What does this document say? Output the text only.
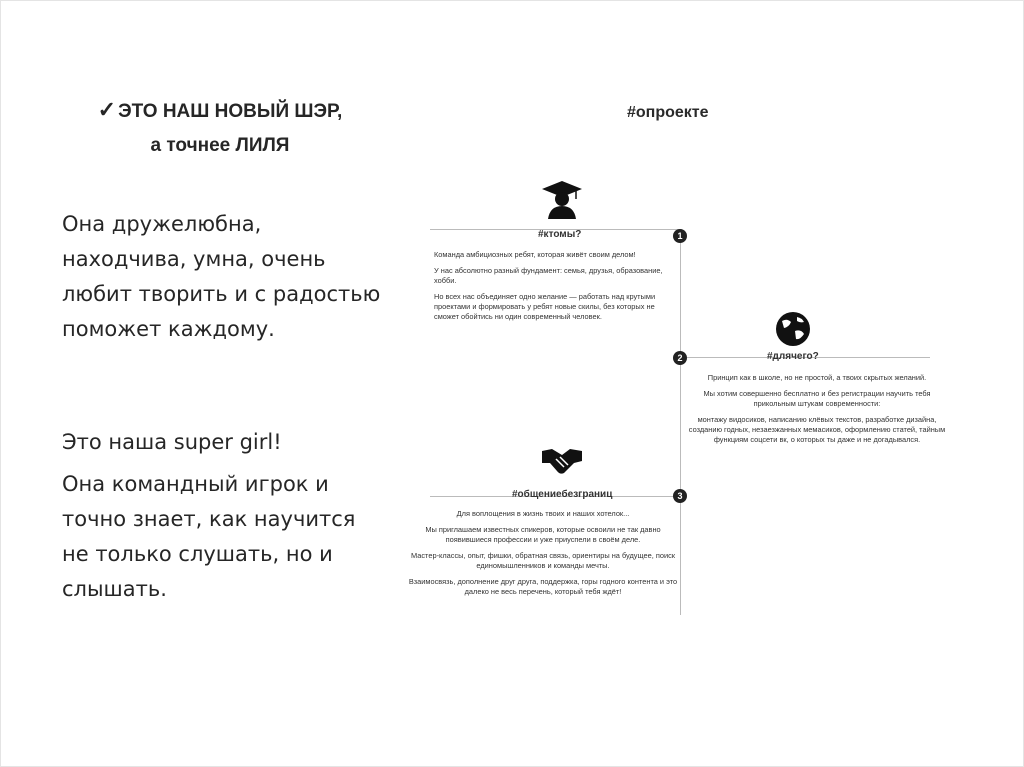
✓ ЭТО НАШ НОВЫЙ ШЭР,
а точнее ЛИЛЯ
Она дружелюбна, находчива, умна, очень любит творить и с радостью поможет каждому.
Это наша super girl!
Она командный игрок и точно знает, как научится не только слушать, но и слышать.
#опроекте
1
#ктомы?

Команда амбициозных ребят, которая живёт своим делом!

У нас абсолютно разный фундамент: семья, друзья, образование, хобби.

Но всех нас объединяет одно желание — работать над крутыми проектами и формировать у ребят новые скилы, без которых не сможет обойтись ни один современный человек.

2	#длячего?

Принцип как в школе, но не простой, а твоих скрытых желаний.

Мы хотим совершенно бесплатно и без регистрации научить тебя прикольным штукам современности:

монтажу видосиков, написанию клёвых текстов, разработке дизайна, созданию годных, незаезжанных мемасиков, оформлению статей, тайным функциям соцсети вк, о которых ты даже и не догадывался.

3
#общениебезграниц

Для воплощения в жизнь твоих и наших хотелок...

Мы приглашаем известных спикеров, которые освоили не так давно появившиеся профессии и уже приуспели в своём деле.

Мастер-классы, опыт, фишки, обратная связь, ориентиры на будущее, поиск единомышленников и команды мечты.

Взаимосвязь, дополнение друг друга, поддержка, горы годного контента и это далеко не весь перечень, который тебя ждёт!
